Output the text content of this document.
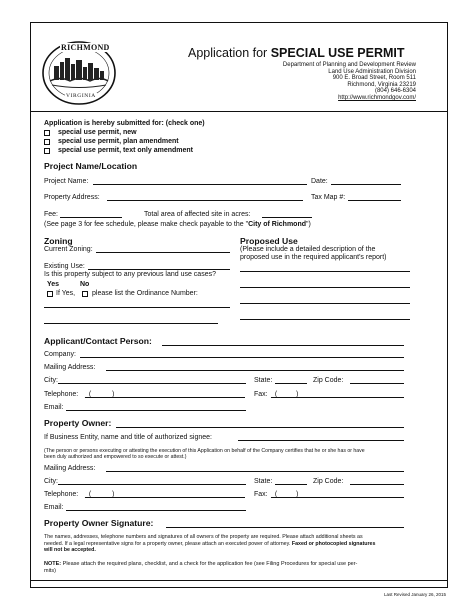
RICHMOND
VIRGINIA
Application for SPECIAL USE PERMIT
Department of Planning and Development Review
Land Use Administration Division
900 E. Broad Street, Room 511
Richmond, Virginia 23219
(804) 646-6304
http://www.richmondgov.com/
Application is hereby submitted for: (check one)
special use permit, new
special use permit, plan amendment
special use permit, text only amendment
Project Name/Location
Project Name:	Date:
Property Address:	Tax Map #:
Fee:	Total area of affected site in acres:
(See page 3 for fee schedule, please make check payable to the "City of Richmond")
Zoning
Current Zoning:
Existing Use:
Is this property subject to any previous land use cases?
Yes	No
If Yes, please list the Ordinance Number:
Proposed Use
(Please include a detailed description of the
proposed use in the required applicant's report)
Applicant/Contact Person:
Company:
Mailing Address:
City:	State:	Zip Code:
Telephone: _(	)	Fax: _(	)
Email:
Property Owner:
If Business Entity, name and title of authorized signee:
(The person or persons executing or attesting the execution of this Application on behalf of the Company certifies that he or she has or have
been duly authorized and empowered to so execute or attest.)
Mailing Address:
City:	State:	Zip Code:
Telephone: _(	)	Fax: _(	)
Email:
Property Owner Signature:
The names, addresses, telephone numbers and signatures of all owners of the property are required. Please attach additional sheets as
needed. If a legal representative signs for a property owner, please attach an executed power of attorney. Faxed or photocopied signatures
will not be accepted.
NOTE: Please attach the required plans, checklist, and a check for the application fee (see Filing Procedures for special use per-
mits)
Last Revised January 26, 2015
